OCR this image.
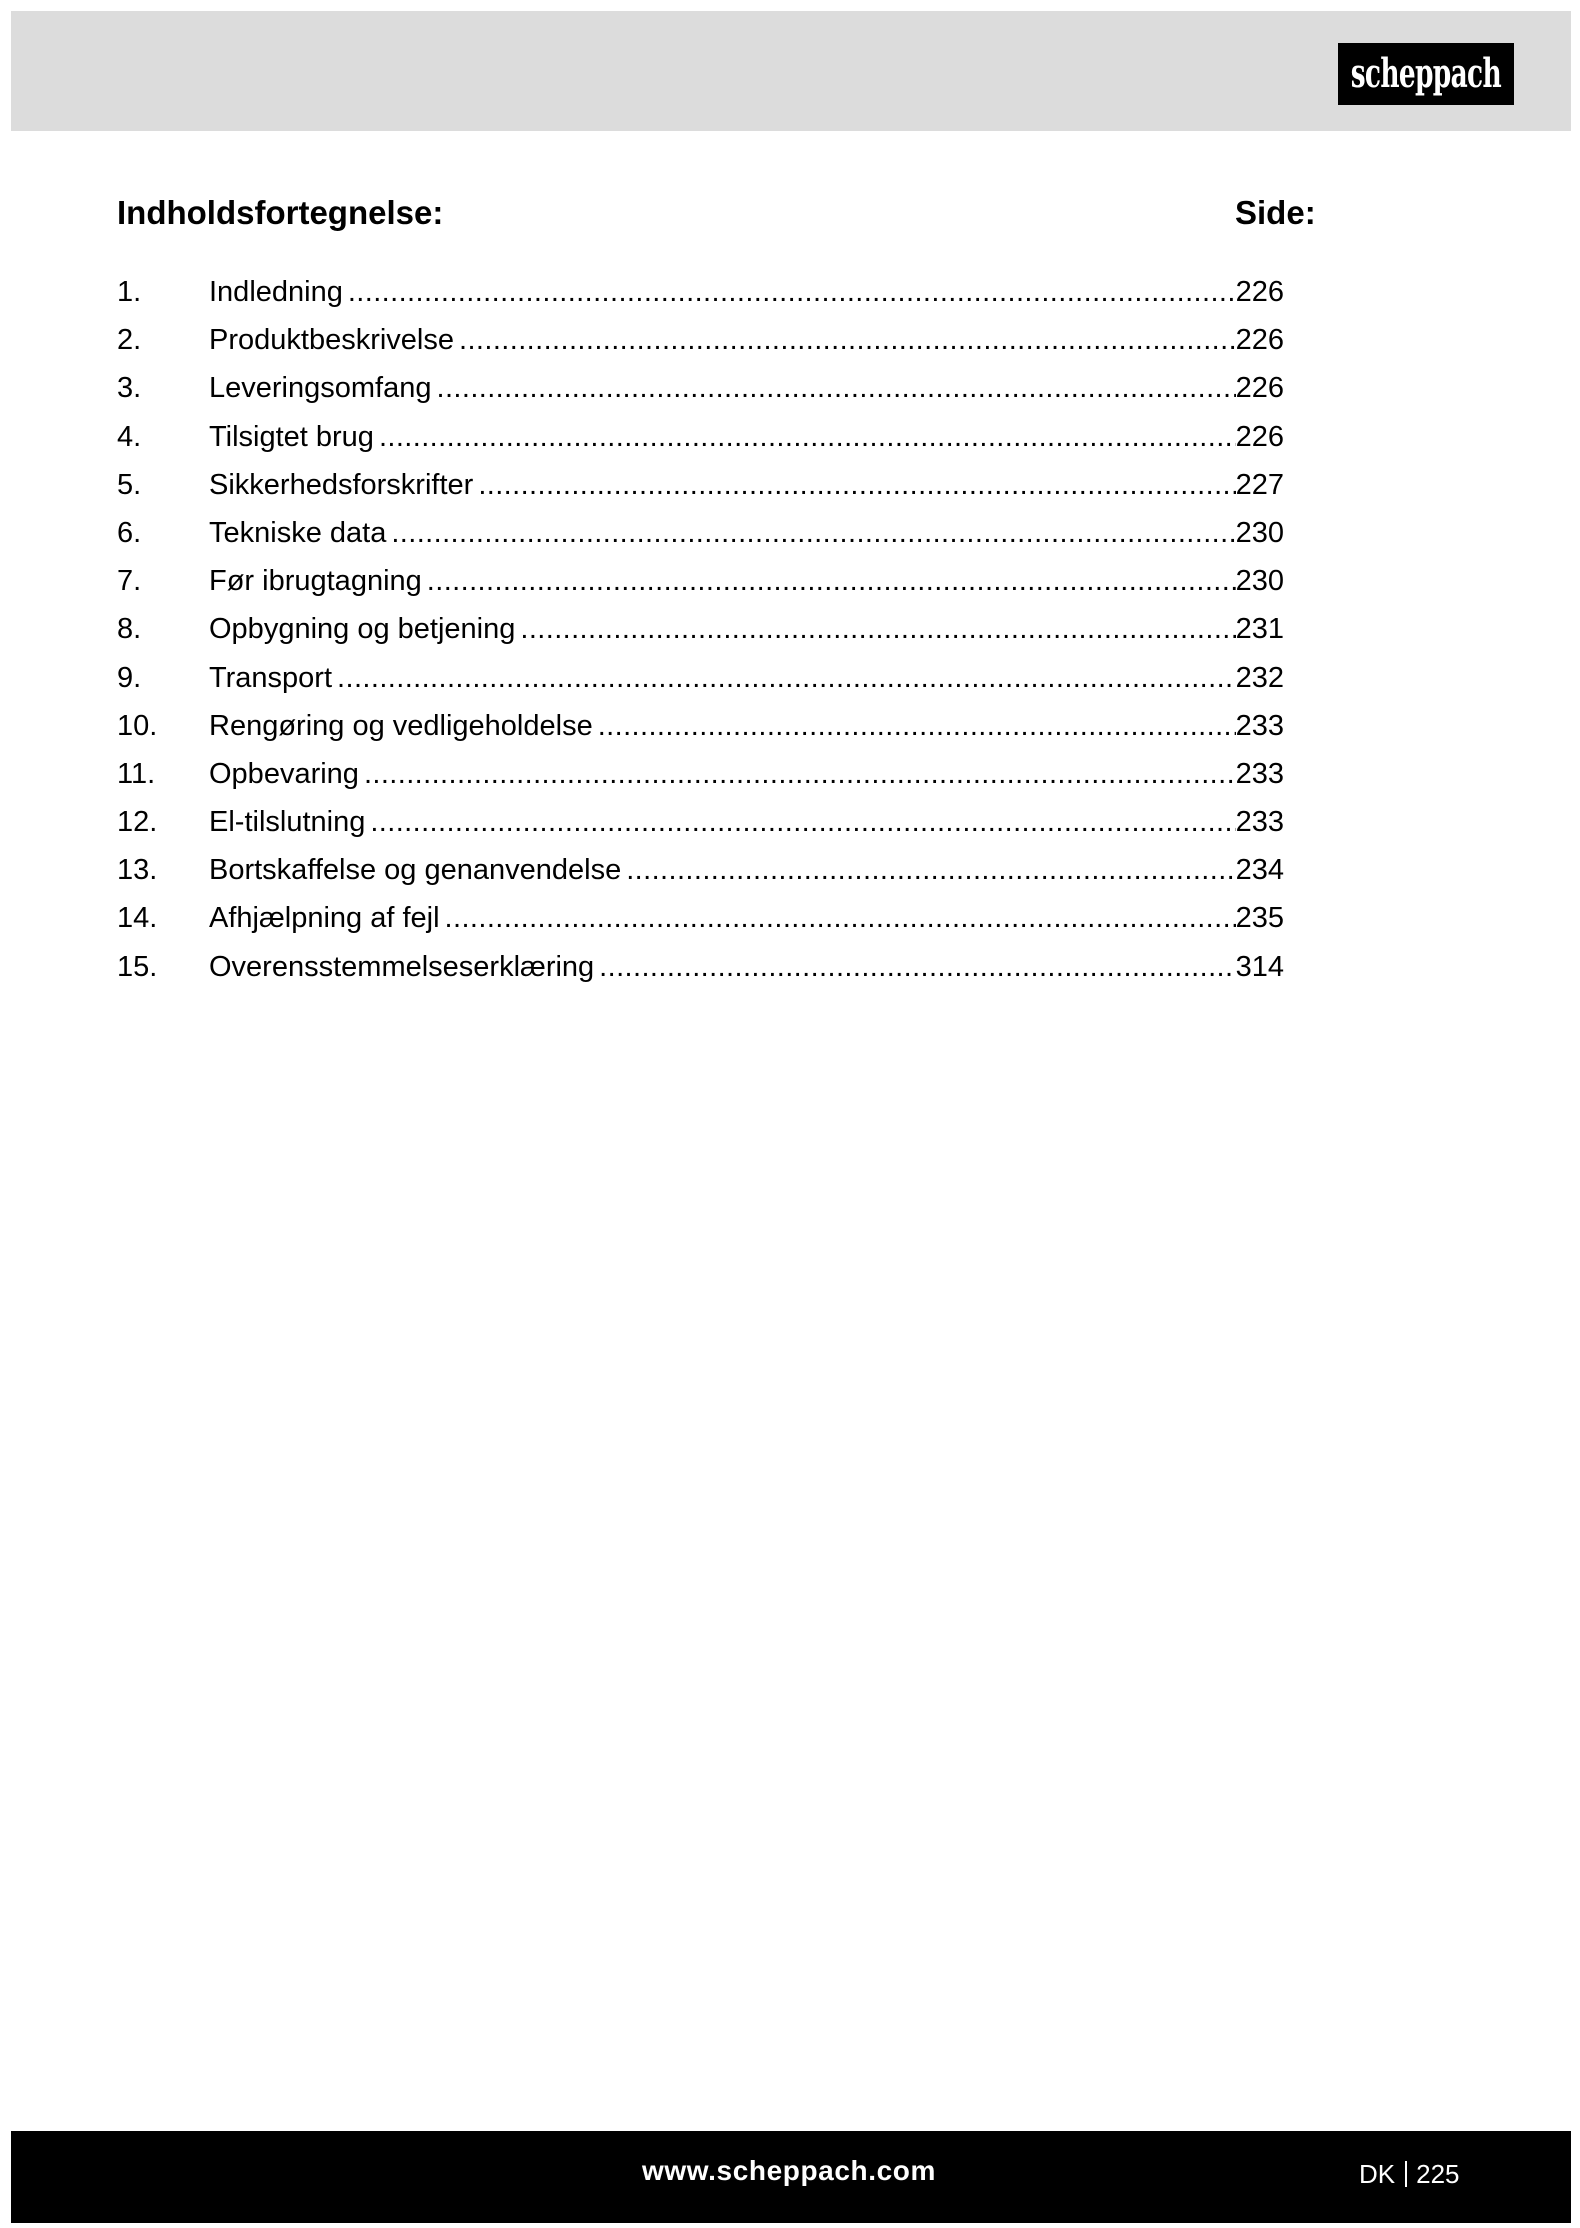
scheppach
Indholdsfortegnelse:	Side:
1.	Indledning .....	226
2.	Produktbeskrivelse .....	226
3.	Leveringsomfang .....	226
4.	Tilsigtet brug .....	226
5.	Sikkerhedsforskrifter .....	227
6.	Tekniske data .....	230
7.	Før ibrugtagning .....	230
8.	Opbygning og betjening .....	231
9.	Transport .....	232
10.	Rengøring og vedligeholdelse .....	233
11.	Opbevaring .....	233
12.	El-tilslutning .....	233
13.	Bortskaffelse og genanvendelse .....	234
14.	Afhjælpning af fejl .....	235
15.	Overensstemmelseserklæring .....	314
www.scheppach.com	DK 225
